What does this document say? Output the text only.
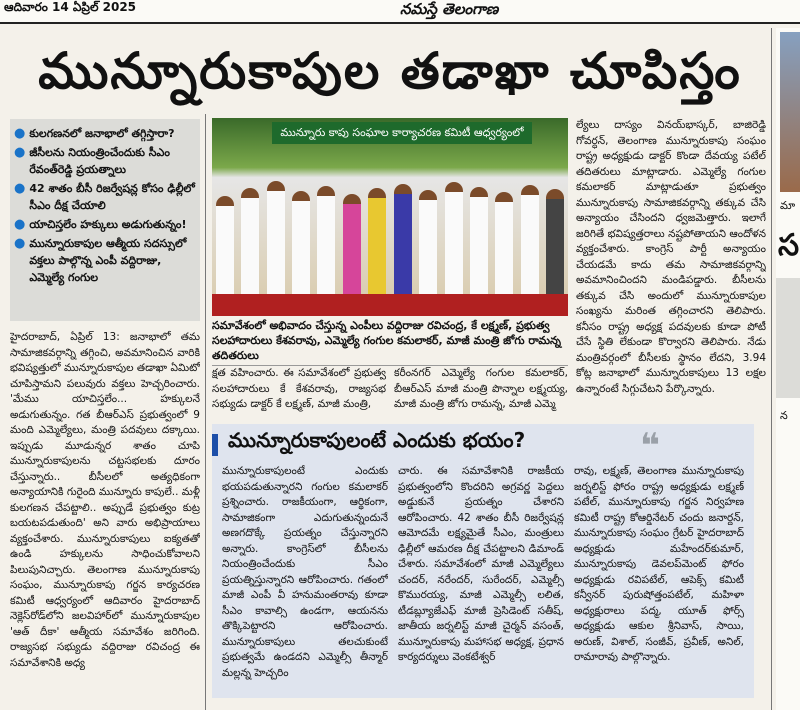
ఆదివారం 14 ఏప్రిల్ 2025	నమస్తే తెలంగాణ
మున్నూరుకాపుల తడాఖా చూపిస్తం
● కులగణనలో జనాభాలో తగ్గిస్తారా?
● జీసీలను నియంత్రించేందుకు సీఎం రేవంత్‌రెడ్డి ప్రయత్నాలు
● 42 శాతం బీసీ రిజర్వేషన్ల కోసం ఢిల్లీలో సీఎం దీక్ష చేయాలి
● యాచిస్తలేం హక్కులు అడుగుతున్నం!
● మున్నూరుకాపుల ఆత్మీయ సదస్సులో వక్తలు పాల్గొన్న ఎంపీ వద్దిరాజు, ఎమ్మెల్యే గంగుల
మున్నూరు కాపు సంఘాల కార్యాచరణ కమిటీ ఆధ్వర్యంలో
సమావేశంలో అభివాదం చేస్తున్న ఎంపీలు వద్దిరాజు రవిచంద్ర, కే లక్ష్మణ్, ప్రభుత్వ సలహాదారులు కేశవరావు, ఎమ్మెల్యే గంగుల కమలాకర్, మాజీ మంత్రి జోగు రామన్న తదితరులు
హైదరాబాద్, ఏప్రిల్ 13: జనాభాలో తమ సామాజికవర్గాన్ని తగ్గించి, అవమానించిన వారికి భవిష్యత్తులో మున్నూరుకాపుల తడాఖా ఏమిటో చూపిస్తామని పలువురు వక్తలు హెచ్చరించారు. 'మేము యాచిస్తలేం... హక్కులనే అడుగుతున్నం. గత బీఆర్ఎస్ ప్రభుత్వంలో 9 మంది ఎమ్మెల్యేలు, మంత్రి పదవులు దక్కాయి. ఇప్పుడు మూడున్నర శాతం చూపి మున్నూరుకాపులను చట్టసభలకు దూరం చేస్తున్నారు.. బీసీలలో అత్యధికంగా అన్యాయానికి గురైంది మున్నూరు కాపులే.. మళ్లీ కులగణన చేపట్టాలి.. అప్పుడే ప్రభుత్వం కుట్ర బయటపడుతుంది' అని వారు అభిప్రాయాలు వ్యక్తంచేశారు. మున్నూరుకాపులు ఐక్యతతో ఉండి హక్కులను సాధించుకోవాలని పిలుపునిచ్చారు. తెలంగాణ మున్నూరుకాపు సంఘం, మున్నూరుకాపు గర్జన కార్యచరణ కమిటీ ఆధ్వర్యంలో ఆదివారం హైదరాబాద్ నెక్లెస్‌రోడ్‌లోని జలవిహార్‌లో మున్నూరుకాపుల 'ఆత్ దీకా' ఆత్మీయ సమావేశం జరిగింది. రాజ్యసభ సభ్యుడు వద్దిరాజు రవిచంద్ర ఈ సమావేశానికి అధ్య
క్షత వహించారు. ఈ సమావేశంలో ప్రభుత్వ సలహాదారులు కే కేశవరావు, రాజ్యసభ సభ్యుడు డాక్టర్ కే లక్ష్మణ్, మాజీ మంత్రి,
కరీంనగర్ ఎమ్మెల్యే గంగుల కమలాకర్, బీఆర్ఎస్ మాజీ మంత్రి పొన్నాల లక్ష్మయ్య, మాజీ మంత్రి జోగు రామన్న, మాజీ ఎమ్మె
ల్యేలు దాస్యం వినయ్‌భాస్కర్, బాజిరెడ్డి గోవర్ధన్, తెలంగాణ మున్నూరుకాపు సంఘం రాష్ట్ర అధ్యక్షుడు డాక్టర్ కొండా దేవయ్య పటేల్ తదితరులు మాట్లాడారు. ఎమ్మెల్యే గంగుల కమలాకర్ మాట్లాడుతూ ప్రభుత్వం మున్నూరుకాపు సామాజికవర్గాన్ని తక్కువ చేసి అన్యాయం చేసిందని ధ్వజమెత్తారు. ఇలాగే జరిగితే భవిష్యత్తరాలు నష్టపోతాయని ఆందోళన వ్యక్తంచేశారు. కాంగ్రెస్ పార్టీ అన్యాయం చేయడమే కాదు తమ సామాజికవర్గాన్ని అవమానించిందని మండిపడ్డారు. బీసీలను తక్కువ చేసి అందులో మున్నూరుకాపుల సంఖ్యను మరింత తగ్గించారని తెలిపారు. కనీసం రాష్ట్ర అధ్యక్ష పదవులకు కూడా పోటీ చేసే స్థితి లేకుండా కొర్వారని తెలిపారు. నేడు మంత్రివర్గంలో బీసీలకు స్థానం లేదని, 3.94 కోట్ల జనాభాలో మున్నూరుకాపులు 13 లక్షల ఉన్నారంటే సిగ్గుచేటని పేర్కొన్నారు.
మున్నూరుకాపులంటే ఎందుకు భయం?	❝
మున్నూరుకాపులంటే ఎందుకు భయపడుతున్నారని గంగుల కమలాకర్ ప్రశ్నించారు. రాజకీయంగా, ఆర్థికంగా, సామాజికంగా ఎదుగుతున్నందునే అణగదొక్కే ప్రయత్నం చేస్తున్నారని అన్నారు. కాంగ్రెస్‌లో బీసీలను నియంత్రించేందుకు సీఎం ప్రయత్నిస్తున్నారని ఆరోపించారు. గతంలో మాజీ ఎంపీ వీ హనుమంతరావు కూడా సీఎం కావాల్సి ఉండగా, ఆయనను తొక్కిపెట్టారని ఆరోపించారు. మున్నూరుకాపులు తలచుకుంటే ప్రభుత్వమే ఉండదని ఎమ్మెల్సీ తీన్మార్ మల్లన్న హెచ్చరిం
చారు. ఈ సమావేశానికి రాజకీయ ప్రభుత్వంలోని కొందరిని అగ్రవర్ణ పెద్దలు అడ్డుకునే ప్రయత్నం చేశారని ఆరోపించారు. 42 శాతం బీసీ రిజర్వేషన్ల ఆమోదమే లక్ష్యమైతే సీఎం, మంత్రులు ఢిల్లీలో ఆమరణ దీక్ష చేపట్టాలని డిమాండ్ చేశారు. సమావేశంలో మాజీ ఎమ్మెల్యేలు చందర్, నరేందర్, సురేందర్, ఎమ్మెల్సీ కొమురయ్య, మాజీ ఎమ్మెల్సీ లలిత, టీడబ్ల్యూజేఎఫ్ మాజీ ప్రెసిడెంట్ సతీష్, జాతీయ జర్నలిస్ట్ మాజీ చైర్మన్ వసంత్, మున్నూరుకాపు మహాసభ అధ్యక్ష, ప్రధాన కార్యదర్శులు వెంకటేశ్వర్
రావు, లక్ష్మణ్, తెలంగాణ మున్నూరుకాపు జర్నలిస్ట్ ఫోరం రాష్ట్ర అధ్యక్షుడు లక్ష్మణ్ పటేల్, మున్నూరుకాపు గర్జన నిర్వహణ కమిటీ రాష్ట్ర కోఆర్డినేటర్ చందు జనార్దన్, మున్నూరుకాపు సంఘం గ్రేటర్ హైదరాబాద్ అధ్యక్షుడు మహేందర్‌కుమార్, మున్నూరుకాపు డెవలప్‌మెంట్ ఫోరం అధ్యక్షుడు రవిపటేల్, ఆపెక్స్ కమిటీ కన్వీనర్ పురుషోత్తంపటేల్, మహిళా అధ్యక్షురాలు పద్మ, యూత్ ఫోర్స్ అధ్యక్షుడు ఆకుల శ్రీనివాస్, సాయి, అరుణ్, విశాల్, సంజీవ్, ప్రవీణ్, అనిల్, రామారావు పాల్గొన్నారు.
మా
స
న
